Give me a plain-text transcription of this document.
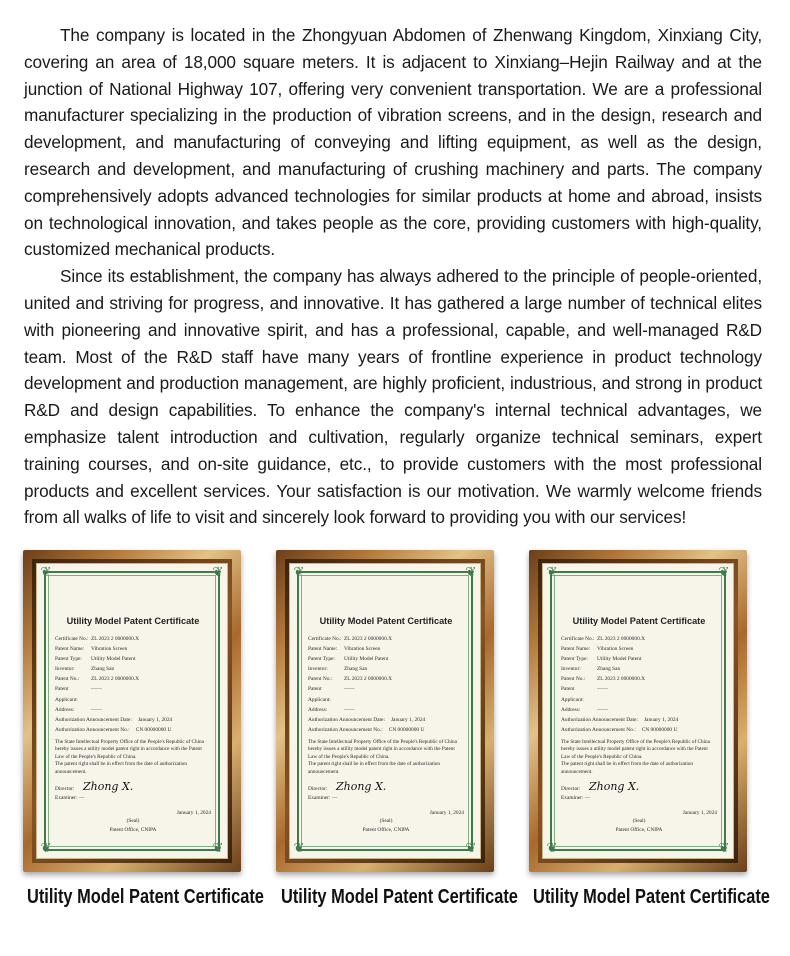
The company is located in the Zhongyuan Abdomen of Zhenwang Kingdom, Xinxiang City, covering an area of 18,000 square meters. It is adjacent to Xinxiang–Hejin Railway and at the junction of National Highway 107, offering very convenient transportation. We are a professional manufacturer specializing in the production of vibration screens, and in the design, research and development, and manufacturing of conveying and lifting equipment, as well as the design, research and development, and manufacturing of crushing machinery and parts. The company comprehensively adopts advanced technologies for similar products at home and abroad, insists on technological innovation, and takes people as the core, providing customers with high-quality, customized mechanical products.

Since its establishment, the company has always adhered to the principle of people-oriented, united and striving for progress, and innovative. It has gathered a large number of technical elites with pioneering and innovative spirit, and has a professional, capable, and well-managed R&D team. Most of the R&D staff have many years of frontline experience in product technology development and production management, are highly proficient, industrious, and strong in product R&D and design capabilities. To enhance the company's internal technical advantages, we emphasize talent introduction and cultivation, regularly organize technical seminars, expert training courses, and on-site guidance, etc., to provide customers with the most professional products and excellent services. Your satisfaction is our motivation. We warmly welcome friends from all walks of life to visit and sincerely look forward to providing you with our services!

❦	❦
❦	❦
Utility Model Patent Certificate
Certificate No.: ZL 2023 2 0000000.X
Patent Name:	Vibration Screen
Patent Type:	Utility Model Patent
Inventor:	Zhang San
Patent No.:	ZL 2023 2 0000000.X
Patent Applicant:
——
Address:	——
Authorization Announcement Date: January 1, 2024
Authorization Announcement No.: CN 00000000 U
The State Intellectual Property Office of the People's Republic of China hereby issues a utility model patent right in accordance with the Patent Law of the People's Republic of China.
The patent right shall be in effect from the date of authorization announcement.
Director:
Examiner: —
Zhong X.
January 1, 2024
(Seal)
Patent Office, CNIPA
❦	❦
❦	❦
Utility Model Patent Certificate
Certificate No.: ZL 2023 2 0000000.X
Patent Name:	Vibration Screen
Patent Type:	Utility Model Patent
Inventor:	Zhang San
Patent No.:	ZL 2023 2 0000000.X
Patent Applicant:
——
Address:	——
Authorization Announcement Date: January 1, 2024
Authorization Announcement No.: CN 00000000 U
The State Intellectual Property Office of the People's Republic of China hereby issues a utility model patent right in accordance with the Patent Law of the People's Republic of China.
The patent right shall be in effect from the date of authorization announcement.
Director:
Examiner: —
Zhong X.
January 1, 2024
(Seal)
Patent Office, CNIPA
❦	❦
❦	❦
Utility Model Patent Certificate
Certificate No.: ZL 2023 2 0000000.X
Patent Name:	Vibration Screen
Patent Type:	Utility Model Patent
Inventor:	Zhang San
Patent No.:	ZL 2023 2 0000000.X
Patent Applicant:
——
Address:	——
Authorization Announcement Date: January 1, 2024
Authorization Announcement No.: CN 00000000 U
The State Intellectual Property Office of the People's Republic of China hereby issues a utility model patent right in accordance with the Patent Law of the People's Republic of China.
The patent right shall be in effect from the date of authorization announcement.
Director:
Examiner: —
Zhong X.
January 1, 2024
(Seal)
Patent Office, CNIPA
Utility Model Patent Certificate Utility Model Patent Certificate Utility Model Patent Certificate
